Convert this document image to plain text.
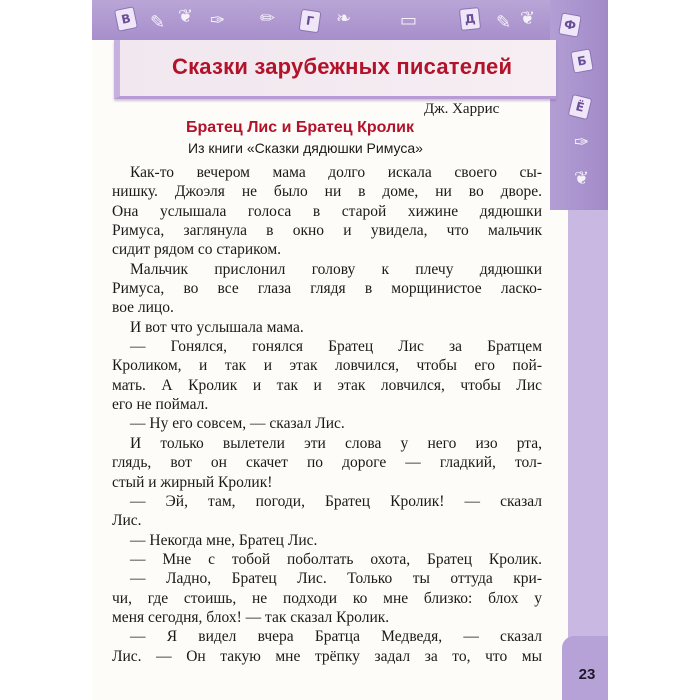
В ✎ ❦ ✑ ✏	Г ❧	▭	Д ✎ ❦ Ф
Б
Ё
✑
❦
Сказки зарубежных писателей
Дж. Харрис
Братец Лис и Братец Кролик
Из книги «Сказки дядюшки Римуса»
Как-то вечером мама долго искала своего сы-
нишку. Джоэля не было ни в доме, ни во дворе.
Она услышала голоса в старой хижине дядюшки
Римуса, заглянула в окно и увидела, что мальчик
сидит рядом со стариком.
Мальчик прислонил голову к плечу дядюшки
Римуса, во все глаза глядя в морщинистое ласко-
вое лицо.
И вот что услышала мама.
— Гонялся, гонялся Братец Лис за Братцем
Кроликом, и так и этак ловчился, чтобы его пой-
мать. А Кролик и так и этак ловчился, чтобы Лис
его не поймал.
— Ну его совсем, — сказал Лис.
И только вылетели эти слова у него изо рта,
глядь, вот он скачет по дороге — гладкий, тол-
стый и жирный Кролик!
— Эй, там, погоди, Братец Кролик! — сказал
Лис.
— Некогда мне, Братец Лис.
— Мне с тобой поболтать охота, Братец Кролик.
— Ладно, Братец Лис. Только ты оттуда кри-
чи, где стоишь, не подходи ко мне близко: блох у
меня сегодня, блох! — так сказал Кролик.
— Я видел вчера Братца Медведя, — сказал
Лис. — Он такую мне трёпку задал за то, что мы
23
